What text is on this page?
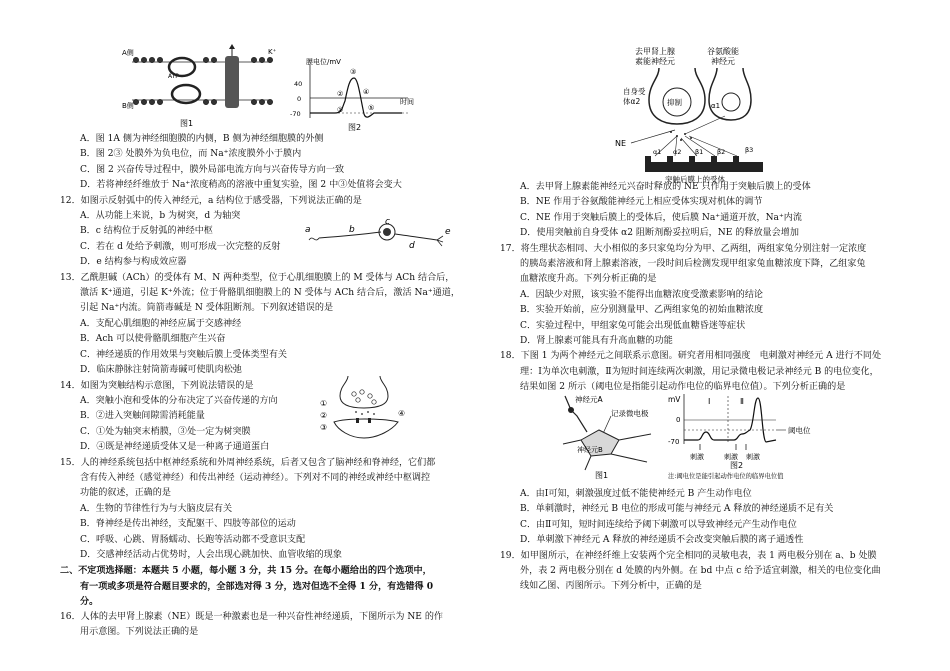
A侧
B侧
K⁺
ATP
图1
膜电位/mV
40
0
-70
时间
①
②
③
④
⑤
图2
a	b
c
d
e
①
②
③
④
A．图 1A 侧为神经细胞膜的内侧，B 侧为神经细胞膜的外侧
B．图 2③ 处膜外为负电位，而 Na⁺浓度膜外小于膜内
C．图 2 兴奋传导过程中，膜外局部电流方向与兴奋传导方向一致
D．若将神经纤维放于 Na⁺浓度稍高的溶液中重复实验，图 2 中③处值将会变大
12．如图示反射弧中的传入神经元，a 结构位于感受器，下列说法正确的是
A．从功能上来说，b 为树突，d 为轴突
B．c 结构位于反射弧的神经中枢
C．若在 d 处给予刺激，则可形成一次完整的反射
D．e 结构参与构成效应器
13．乙酰胆碱（ACh）的受体有 M、N 两种类型，位于心肌细胞膜上的 M 受体与 ACh 结合后，
激活 K⁺通道，引起 K⁺外流；位于骨骼肌细胞膜上的 N 受体与 ACh 结合后，激活 Na⁺通道，
引起 Na⁺内流。筒箭毒碱是 N 受体阻断剂。下列叙述错误的是
A．支配心肌细胞的神经应属于交感神经
B．Ach 可以使骨骼肌细胞产生兴奋
C．神经递质的作用效果与突触后膜上受体类型有关
D．临床静脉注射筒箭毒碱可使肌肉松弛
14．如图为突触结构示意图，下列说法错误的是
A．突触小泡和受体的分布决定了兴奋传递的方向
B．②进入突触间隙需消耗能量
C．①处为轴突末梢膜，③处一定为树突膜
D．④既是神经递质受体又是一种离子通道蛋白
15．人的神经系统包括中枢神经系统和外周神经系统，后者又包含了脑神经和脊神经，它们都
含有传入神经（感觉神经）和传出神经（运动神经）。下列对不同的神经或神经中枢调控
功能的叙述，正确的是
A．生物的节律性行为与大脑皮层有关
B．脊神经是传出神经，支配躯干、四肢等部位的运动
C．呼吸、心跳、胃肠蠕动、长跑等活动都不受意识支配
D．交感神经活动占优势时，人会出现心跳加快、血管收缩的现象
二、不定项选择题：本题共 5 小题，每小题 3 分，共 15 分。在每小题给出的四个选项中，
有一项或多项是符合题目要求的，全部选对得 3 分，选对但选不全得 1 分，有选错得 0
分。
16．人体的去甲肾上腺素（NE）既是一种激素也是一种兴奋性神经递质，下图所示为 NE 的作
用示意图。下列说法正确的是
去甲肾上腺
素能神经元
谷氨酸能
神经元
自身受
体α2	抑制	α1
NE
α1 α2 β1 β2	β3
突触后膜上的受体
A．去甲肾上腺素能神经元兴奋时释放的 NE 只作用于突触后膜上的受体
B．NE 作用于谷氨酸能神经元上相应受体实现对机体的调节
C．NE 作用于突触后膜上的受体后，使后膜 Na⁺通道开放，Na⁺内流
D．使用突触前自身受体 α2 阻断剂酚妥拉明后，NE 的释放量会增加
17．将生理状态相同、大小相似的多只家兔均分为甲、乙两组，两组家兔分别注射一定浓度
的胰岛素溶液和肾上腺素溶液，一段时间后检测发现甲组家兔血糖浓度下降，乙组家兔
血糖浓度升高。下列分析正确的是
A．因缺少对照，该实验不能得出血糖浓度受激素影响的结论
B．实验开始前，应分别测量甲、乙两组家兔的初始血糖浓度
C．实验过程中，甲组家兔可能会出现低血糖昏迷等症状
D．肾上腺素可能具有升高血糖的功能
18．下图 1 为两个神经元之间联系示意图。研究者用相同强度　电刺激对神经元 A 进行不同处
理：Ⅰ为单次电刺激，Ⅱ为短时间连续两次刺激，用记录微电极记录神经元 B 的电位变化，
结果如图 2 所示（阈电位是指能引起动作电位的临界电位值）。下列分析正确的是
神经元A
记录微电极
神经元B
图1
mV
0
-70
Ⅰ	Ⅱ
阈电位
刺激	刺激 刺激
图2
注:阈电位是能引起动作电位的临界电位值
A．由Ⅰ可知，刺激强度过低不能使神经元 B 产生动作电位
B．单刺激时，神经元 B 电位的形成可能与神经元 A 释放的神经递质不足有关
C．由Ⅱ可知，短时间连续给予阈下刺激可以导致神经元产生动作电位
D．单刺激下神经元 A 释放的神经递质不会改变突触后膜的离子通透性
19．如甲图所示，在神经纤维上安装两个完全相同的灵敏电表，表 1 两电极分别在 a、b 处膜
外，表 2 两电极分别在 d 处膜的内外侧。在 bd 中点 c 给予适宜刺激，相关的电位变化曲
线如乙图、丙图所示。下列分析中，正确的是
